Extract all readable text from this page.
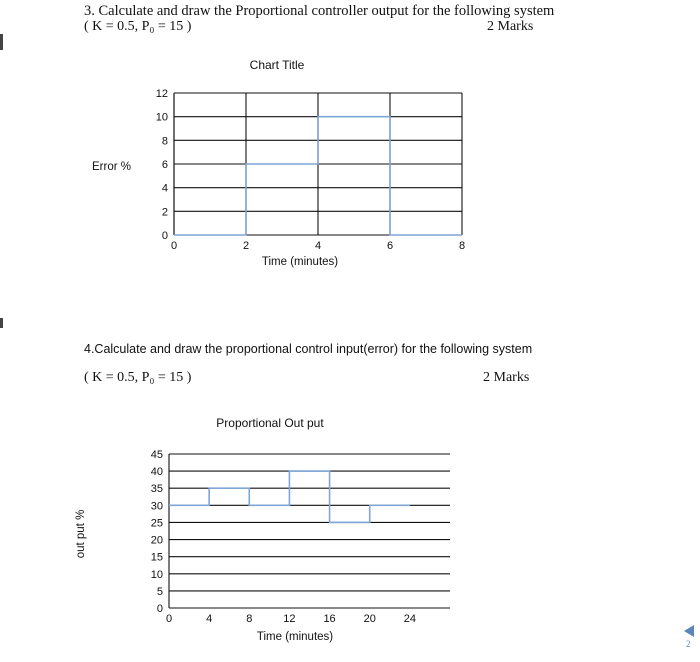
3. Calculate and draw the Proportional controller output for the following system
( K = 0.5, P₀ = 15 )	2 Marks
0
2
4
6
8
10
12
0	2	4	6	8
Chart Title
Time (minutes)
Error %
0
5
10
15
20
25
30
35
40
45
0	4	8	12	16	20	24
Proportional Out put
Time (minutes)
out put %
4.Calculate and draw the proportional control input(error) for the following system
( K = 0.5, P₀ = 15 )	2 Marks
2
